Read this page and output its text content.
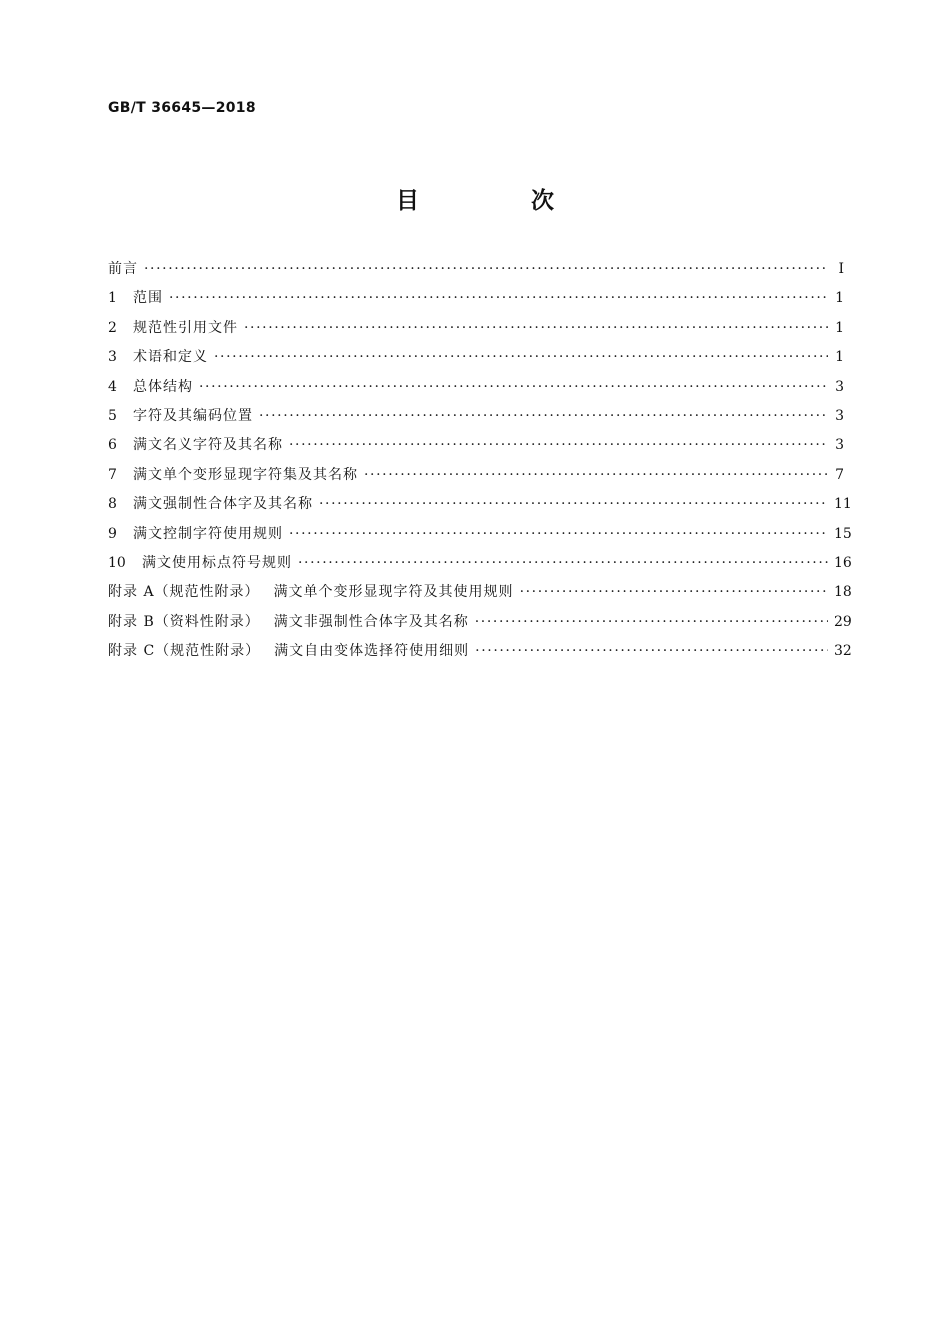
GB/T 36645—2018
目 次
前言 ·····	Ⅰ
1	范围 ·····	1
2	规范性引用文件 ·····	1
3	术语和定义 ·····	1
4	总体结构 ·····	3
5	字符及其编码位置 ·····	3
6	满文名义字符及其名称 ·····	3
7	满文单个变形显现字符集及其名称 ·····	7
8	满文强制性合体字及其名称 ·····	11
9	满文控制字符使用规则 ·····	15
10	满文使用标点符号规则 ·····	16
附录 A（规范性附录） 满文单个变形显现字符及其使用规则 ·····	18
附录 B（资料性附录） 满文非强制性合体字及其名称 ·····	29
附录 C（规范性附录） 满文自由变体选择符使用细则 ·····	32
